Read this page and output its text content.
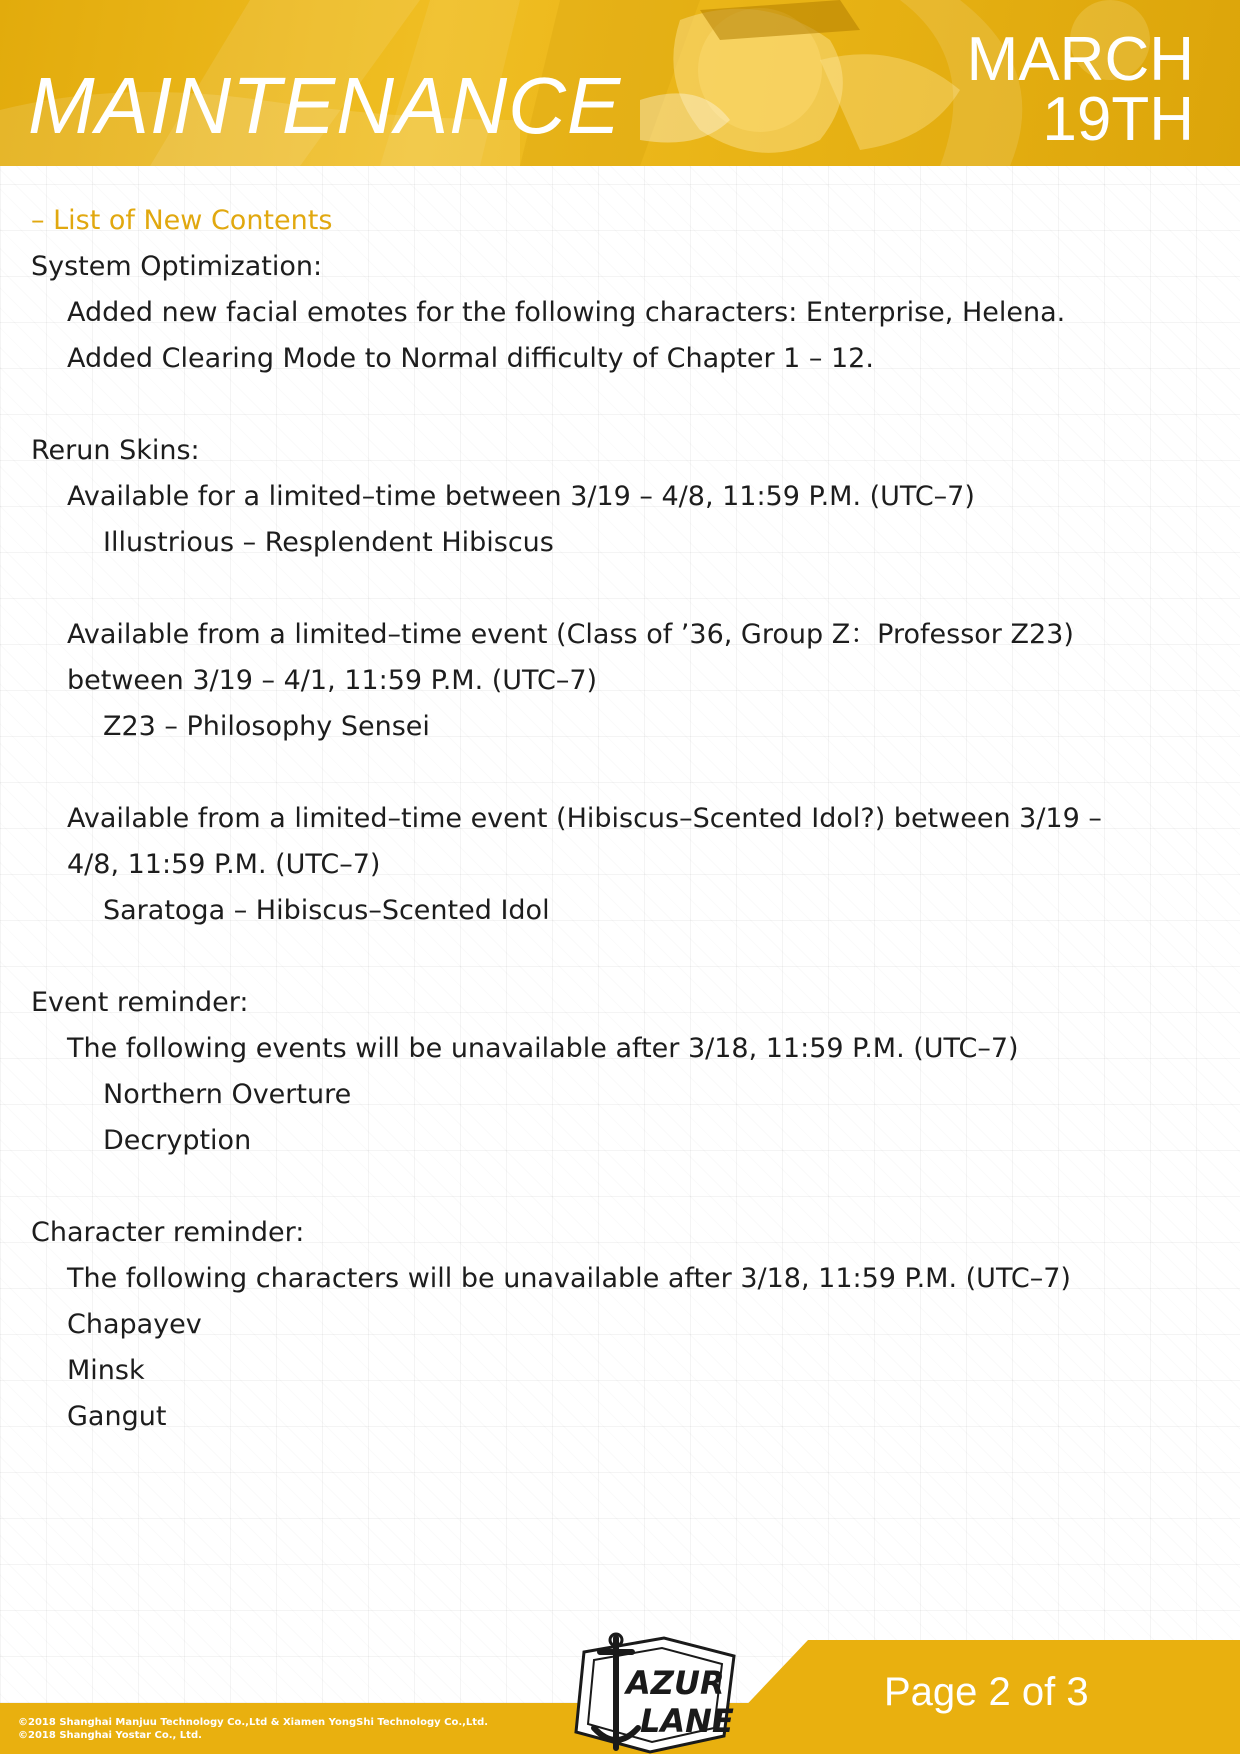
MAINTENANCE
MARCH
19TH
– List of New Contents
System Optimization:
Added new facial emotes for the following characters: Enterprise, Helena.
Added Clearing Mode to Normal difficulty of Chapter 1 – 12.
Rerun Skins:
Available for a limited–time between 3/19 – 4/8, 11:59 P.M. (UTC–7)
Illustrious – Resplendent Hibiscus
Available from a limited–time event (Class of ’36, Group Z：Professor Z23)
between 3/19 – 4/1, 11:59 P.M. (UTC–7)
Z23 – Philosophy Sensei
Available from a limited–time event (Hibiscus–Scented Idol?) between 3/19 –
4/8, 11:59 P.M. (UTC–7)
Saratoga – Hibiscus–Scented Idol
Event reminder:
The following events will be unavailable after 3/18, 11:59 P.M. (UTC–7)
Northern Overture
Decryption
Character reminder:
The following characters will be unavailable after 3/18, 11:59 P.M. (UTC–7)
Chapayev
Minsk
Gangut
AZUR
LANE
Page 2 of 3
©2018 Shanghai Manjuu Technology Co.,Ltd & Xiamen YongShi Technology Co.,Ltd.
©2018 Shanghai Yostar Co., Ltd.
